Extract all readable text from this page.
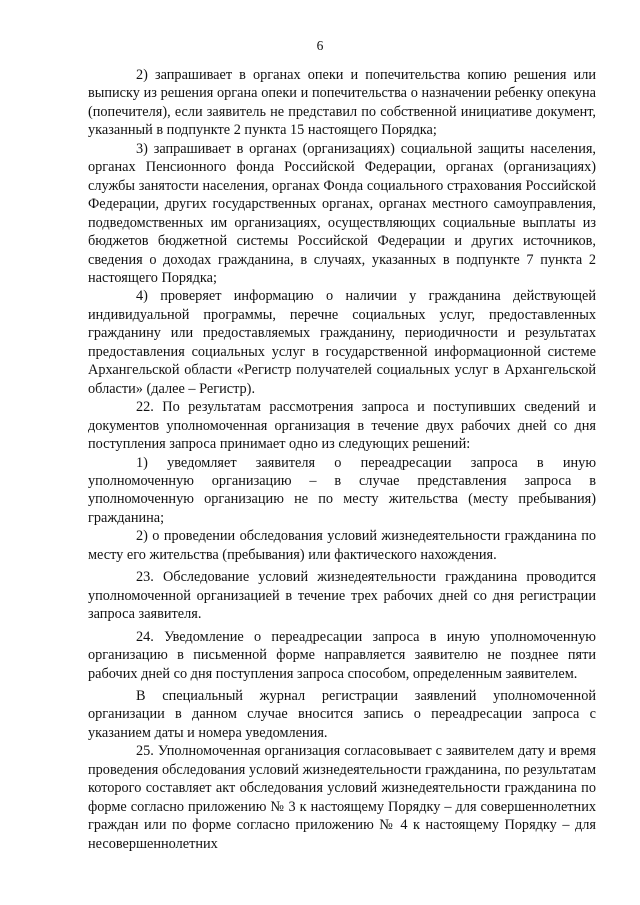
6

2) запрашивает в органах опеки и попечительства копию решения или выписку из решения органа опеки и попечительства о назначении ребенку опекуна (попечителя), если заявитель не представил по собственной инициативе документ, указанный в подпункте 2 пункта 15 настоящего Порядка;

3) запрашивает в органах (организациях) социальной защиты населения, органах Пенсионного фонда Российской Федерации, органах (организациях) службы занятости населения, органах Фонда социального страхования Российской Федерации, других государственных органах, органах местного самоуправления, подведомственных им организациях, осуществляющих социальные выплаты из бюджетов бюджетной системы Российской Федерации и других источников, сведения о доходах гражданина, в случаях, указанных в подпункте 7 пункта 2 настоящего Порядка;

4) проверяет информацию о наличии у гражданина действующей индивидуальной программы, перечне социальных услуг, предоставленных гражданину или предоставляемых гражданину, периодичности и результатах предоставления социальных услуг в государственной информационной системе Архангельской области «Регистр получателей социальных услуг в Архангельской области» (далее – Регистр).

22. По результатам рассмотрения запроса и поступивших сведений и документов уполномоченная организация в течение двух рабочих дней со дня поступления запроса принимает одно из следующих решений:

1) уведомляет заявителя о переадресации запроса в иную уполномоченную организацию – в случае представления запроса в уполномоченную организацию не по месту жительства (месту пребывания) гражданина;

2) о проведении обследования условий жизнедеятельности гражданина по месту его жительства (пребывания) или фактического нахождения.

23. Обследование условий жизнедеятельности гражданина проводится уполномоченной организацией в течение трех рабочих дней со дня регистрации запроса заявителя.

24. Уведомление о переадресации запроса в иную уполномоченную организацию в письменной форме направляется заявителю не позднее пяти рабочих дней со дня поступления запроса способом, определенным заявителем.

В специальный журнал регистрации заявлений уполномоченной организации в данном случае вносится запись о переадресации запроса с указанием даты и номера уведомления.

25. Уполномоченная организация согласовывает с заявителем дату и время проведения обследования условий жизнедеятельности гражданина, по результатам которого составляет акт обследования условий жизнедеятельности гражданина по форме согласно приложению № 3 к настоящему Порядку – для совершеннолетних граждан или по форме согласно приложению № 4 к настоящему Порядку – для несовершеннолетних
